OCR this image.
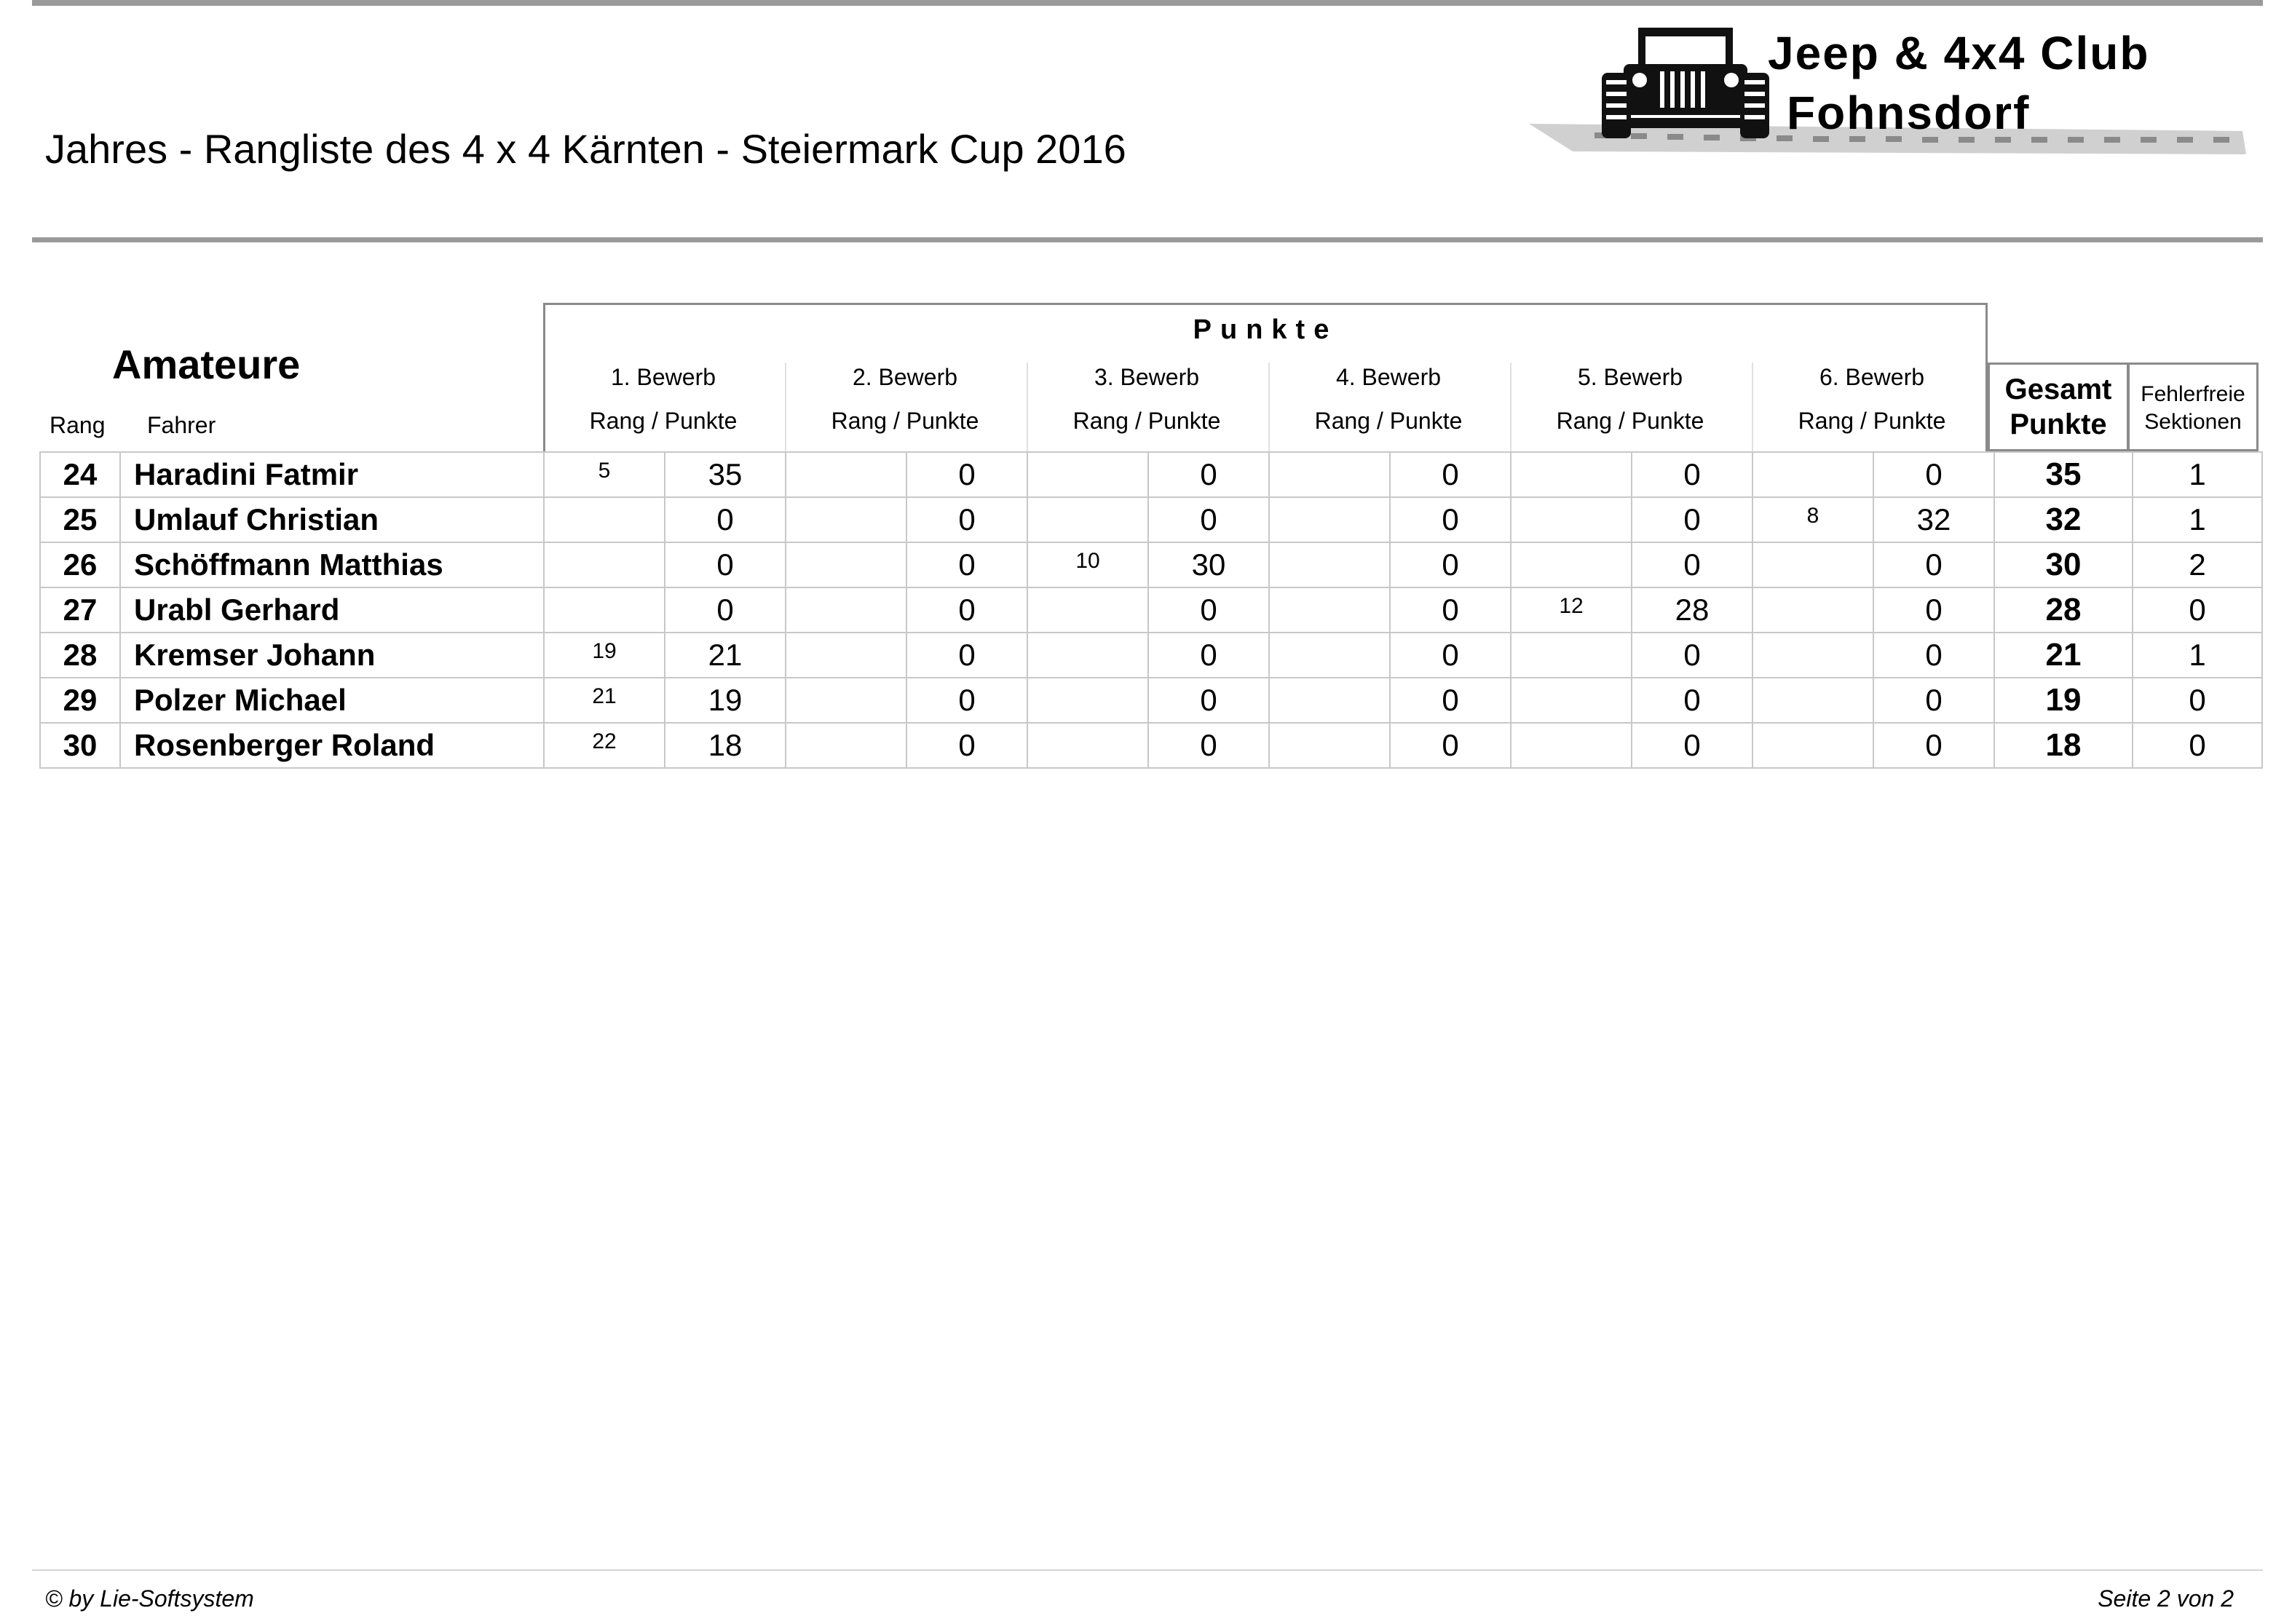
Jahres - Rangliste des 4 x 4 Kärnten - Steiermark Cup 2016
Jeep & 4x4 Club
Fohnsdorf
Amateure
Rang Fahrer
Punkte
1. Bewerb	2. Bewerb	3. Bewerb	4. Bewerb	5. Bewerb	6. Bewerb
Rang / Punkte	Rang / Punkte	Rang / Punkte	Rang / Punkte	Rang / Punkte	Rang / Punkte
Gesamt
Punkte
Fehlerfreie
Sektionen
24	Haradini Fatmir	5	35		0		0		0		0		0	35	1
25	Umlauf Christian		0		0		0		0		0	8	32	32	1
26	Schöffmann Matthias		0		0	10	30		0		0		0	30	2
27	Urabl Gerhard		0		0		0		0	12	28		0	28	0
28	Kremser Johann	19	21		0		0		0		0		0	21	1
29	Polzer Michael	21	19		0		0		0		0		0	19	0
30	Rosenberger Roland	22	18		0		0		0		0		0	18	0
© by Lie-Softsystem	Seite 2 von 2
